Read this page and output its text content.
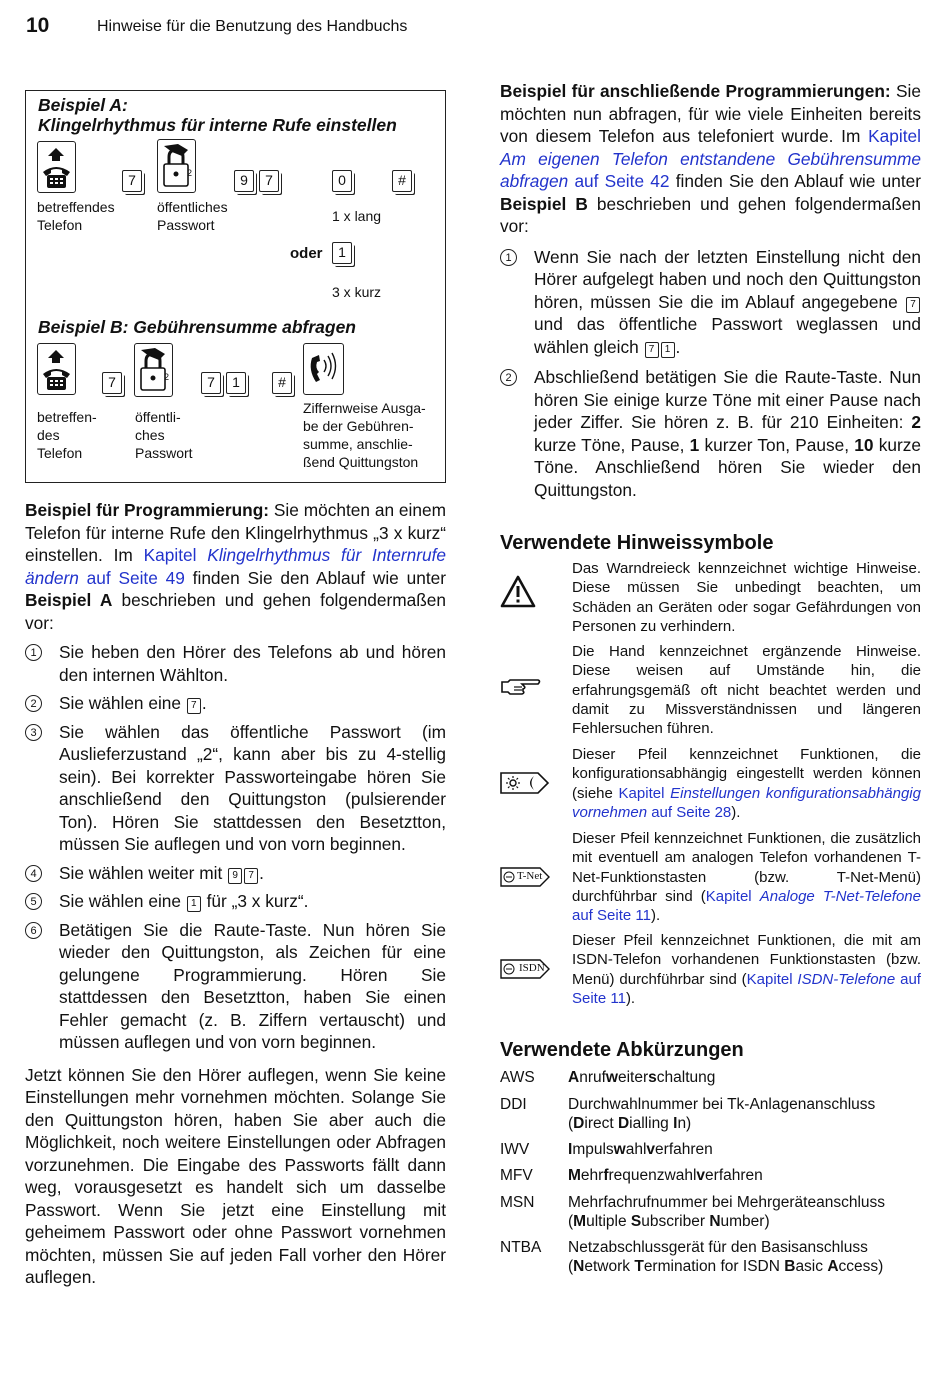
10	Hinweise für die Benutzung des Handbuchs
Beispiel A:
Klingelrhythmus für interne Rufe einstellen
2
7	9	7	0	#
betreffendes
Telefon
öffentliches
Passwort
1 x lang
oder	1
3 x kurz
Beispiel B: Gebührensumme abfragen
2
7	7	1	#
betreffen-
des
Telefon
öffentli-
ches
Passwort
Ziffernweise Ausga-
be der Gebühren-
summe, anschlie-
ßend Quittungston
Beispiel für Programmierung: Sie möchten an einem Telefon für interne Rufe den Klingelrhythmus „3 x kurz“ einstellen. Im Kapitel Klingelrhythmus für Internrufe ändern auf Seite 49 finden Sie den Ablauf wie unter Beispiel A beschrieben und gehen folgendermaßen vor:
1	Sie heben den Hörer des Telefons ab und hören den internen Wählton.
2	Sie wählen eine 7 .
3	Sie wählen das öffentliche Passwort (im Auslieferzustand „2“, kann aber bis zu 4-stellig sein). Bei korrekter Passworteingabe hören Sie anschließend den Quittungston (pulsierender Ton). Hören Sie stattdessen den Besetztton, müssen Sie auflegen und von vorn beginnen.
4	Sie wählen weiter mit 9 7 .
5	Sie wählen eine 1 für „3 x kurz“.
6	Betätigen Sie die Raute-Taste. Nun hören Sie wieder den Quittungston, als Zeichen für eine gelungene Programmierung. Hören Sie stattdessen den Besetztton, haben Sie einen Fehler gemacht (z. B. Ziffern vertauscht) und müssen auflegen und von vorn beginnen.
Jetzt können Sie den Hörer auflegen, wenn Sie keine Einstellungen mehr vornehmen möchten. Solange Sie den Quittungston hören, haben Sie aber auch die Möglichkeit, noch weitere Einstellungen oder Abfragen vorzunehmen. Die Eingabe des Passworts fällt dann weg, vorausgesetzt es handelt sich um dasselbe Passwort. Wenn Sie jetzt eine Einstellung mit geheimem Passwort oder ohne Passwort vornehmen möchten, müssen Sie auf jeden Fall vorher den Hörer auflegen.
Beispiel für anschließende Programmierungen: Sie möchten nun abfragen, für wie viele Einheiten bereits von diesem Telefon aus telefoniert wurde. Im Kapitel Am eigenen Telefon entstandene Gebührensumme abfragen auf Seite 42 finden Sie den Ablauf wie unter Beispiel B beschrieben und gehen folgendermaßen vor:
1	Wenn Sie nach der letzten Einstellung nicht den Hörer aufgelegt haben und noch den Quittungston hören, müssen Sie die im Ablauf angegebene 7 und das öffentliche Passwort weglassen und wählen gleich 7 1 .
2	Abschließend betätigen Sie die Raute-Taste. Nun hören Sie einige kurze Töne mit einer Pause nach jeder Ziffer. Sie hören z. B. für 210 Einheiten: 2 kurze Töne, Pause, 1 kurzer Ton, Pause, 10 kurze Töne. Anschließend hören Sie wieder den Quittungston.
Verwendete Hinweissymbole
Das Warndreieck kennzeichnet wichtige Hinweise. Diese müssen Sie unbedingt beachten, um Schäden an Geräten oder sogar Gefährdungen von Personen zu verhindern.
Die Hand kennzeichnet ergänzende Hinweise. Diese weisen auf Umstände hin, die erfahrungsgemäß oft nicht beachtet werden und damit zu Missverständnissen und längeren Fehlersuchen führen.
Dieser Pfeil kennzeichnet Funktionen, die konfigurationsabhängig eingestellt werden können (siehe Kapitel Einstellungen konfigurationsabhängig vornehmen auf Seite 28).
T-Net
Dieser Pfeil kennzeichnet Funktionen, die zusätzlich mit eventuell am analogen Telefon vorhandenen T-Net-Funktionstasten (bzw. T-Net-Menü) durchführbar sind (Kapitel Analoge T-Net-Telefone auf Seite 11).
ISDN
Dieser Pfeil kennzeichnet Funktionen, die mit am ISDN-Telefon vorhandenen Funktionstasten (bzw. Menü) durchführbar sind (Kapitel ISDN-Telefone auf Seite 11).
Verwendete Abkürzungen
AWS Anrufweiterschaltung
DDI	Durchwahlnummer bei Tk-Anlagenanschluss
(Direct Dialling In)
IWV Impulswahlverfahren
MFV Mehrfrequenzwahlverfahren
MSN Mehrfachrufnummer bei Mehrgeräteanschluss
(Multiple Subscriber Number)
NTBA Netzabschlussgerät für den Basisanschluss
(Network Termination for ISDN Basic Access)
